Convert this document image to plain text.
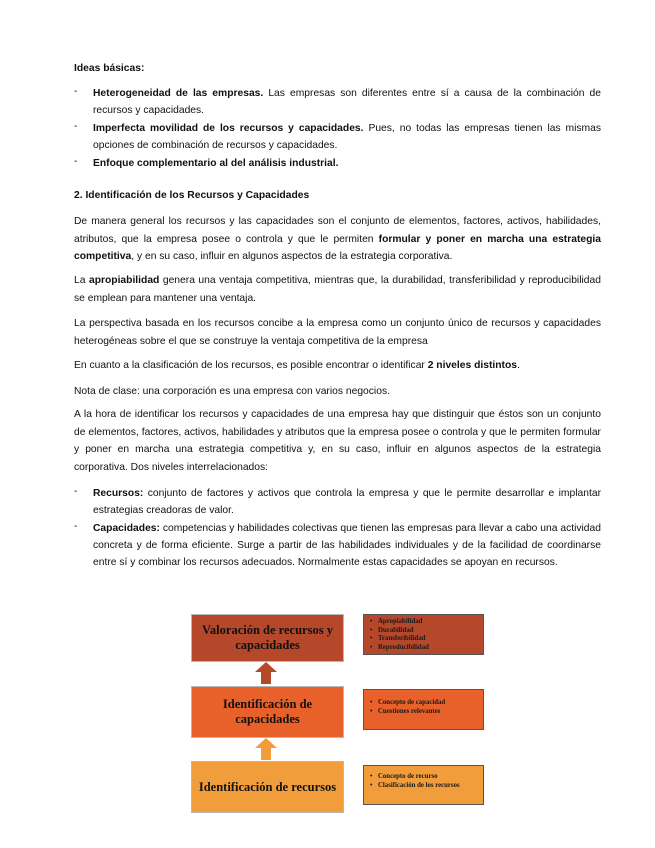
Ideas básicas:
- Heterogeneidad de las empresas. Las empresas son diferentes entre sí a causa de la combinación de recursos y capacidades.

- Imperfecta movilidad de los recursos y capacidades. Pues, no todas las empresas tienen las mismas opciones de combinación de recursos y capacidades.

- Enfoque complementario al del análisis industrial.

2. Identificación de los Recursos y Capacidades

De manera general los recursos y las capacidades son el conjunto de elementos, factores, activos, habilidades, atributos, que la empresa posee o controla y que le permiten formular y poner en marcha una estrategia competitiva, y en su caso, influir en algunos aspectos de la estrategia corporativa.

La apropiabilidad genera una ventaja competitiva, mientras que, la durabilidad, transferibilidad y reproducibilidad se emplean para mantener una ventaja.

La perspectiva basada en los recursos concibe a la empresa como un conjunto único de recursos y capacidades heterogéneas sobre el que se construye la ventaja competitiva de la empresa

En cuanto a la clasificación de los recursos, es posible encontrar o identificar 2 niveles distintos.

Nota de clase: una corporación es una empresa con varios negocios.

A la hora de identificar los recursos y capacidades de una empresa hay que distinguir que éstos son un conjunto de elementos, factores, activos, habilidades y atributos que la empresa posee o controla y que le permiten formular y poner en marcha una estrategia competitiva y, en su caso, influir en algunos aspectos de la estrategia corporativa. Dos niveles interrelacionados:

- Recursos: conjunto de factores y activos que controla la empresa y que le permite desarrollar e implantar estrategias creadoras de valor.

- Capacidades: competencias y habilidades colectivas que tienen las empresas para llevar a cabo una actividad concreta y de forma eficiente. Surge a partir de las habilidades individuales y de la facilidad de coordinarse entre sí y combinar los recursos adecuados. Normalmente estas capacidades se apoyan en recursos.

Valoración de recursos y capacidades
• Apropiabilidad
• Durabilidad
• Transferibilidad
• Reproducibilidad
Identificación de capacidades
• Concepto de capacidad
• Cuestiones relevantes
Identificación de recursos
• Concepto de recurso
• Clasificación de los recursos
